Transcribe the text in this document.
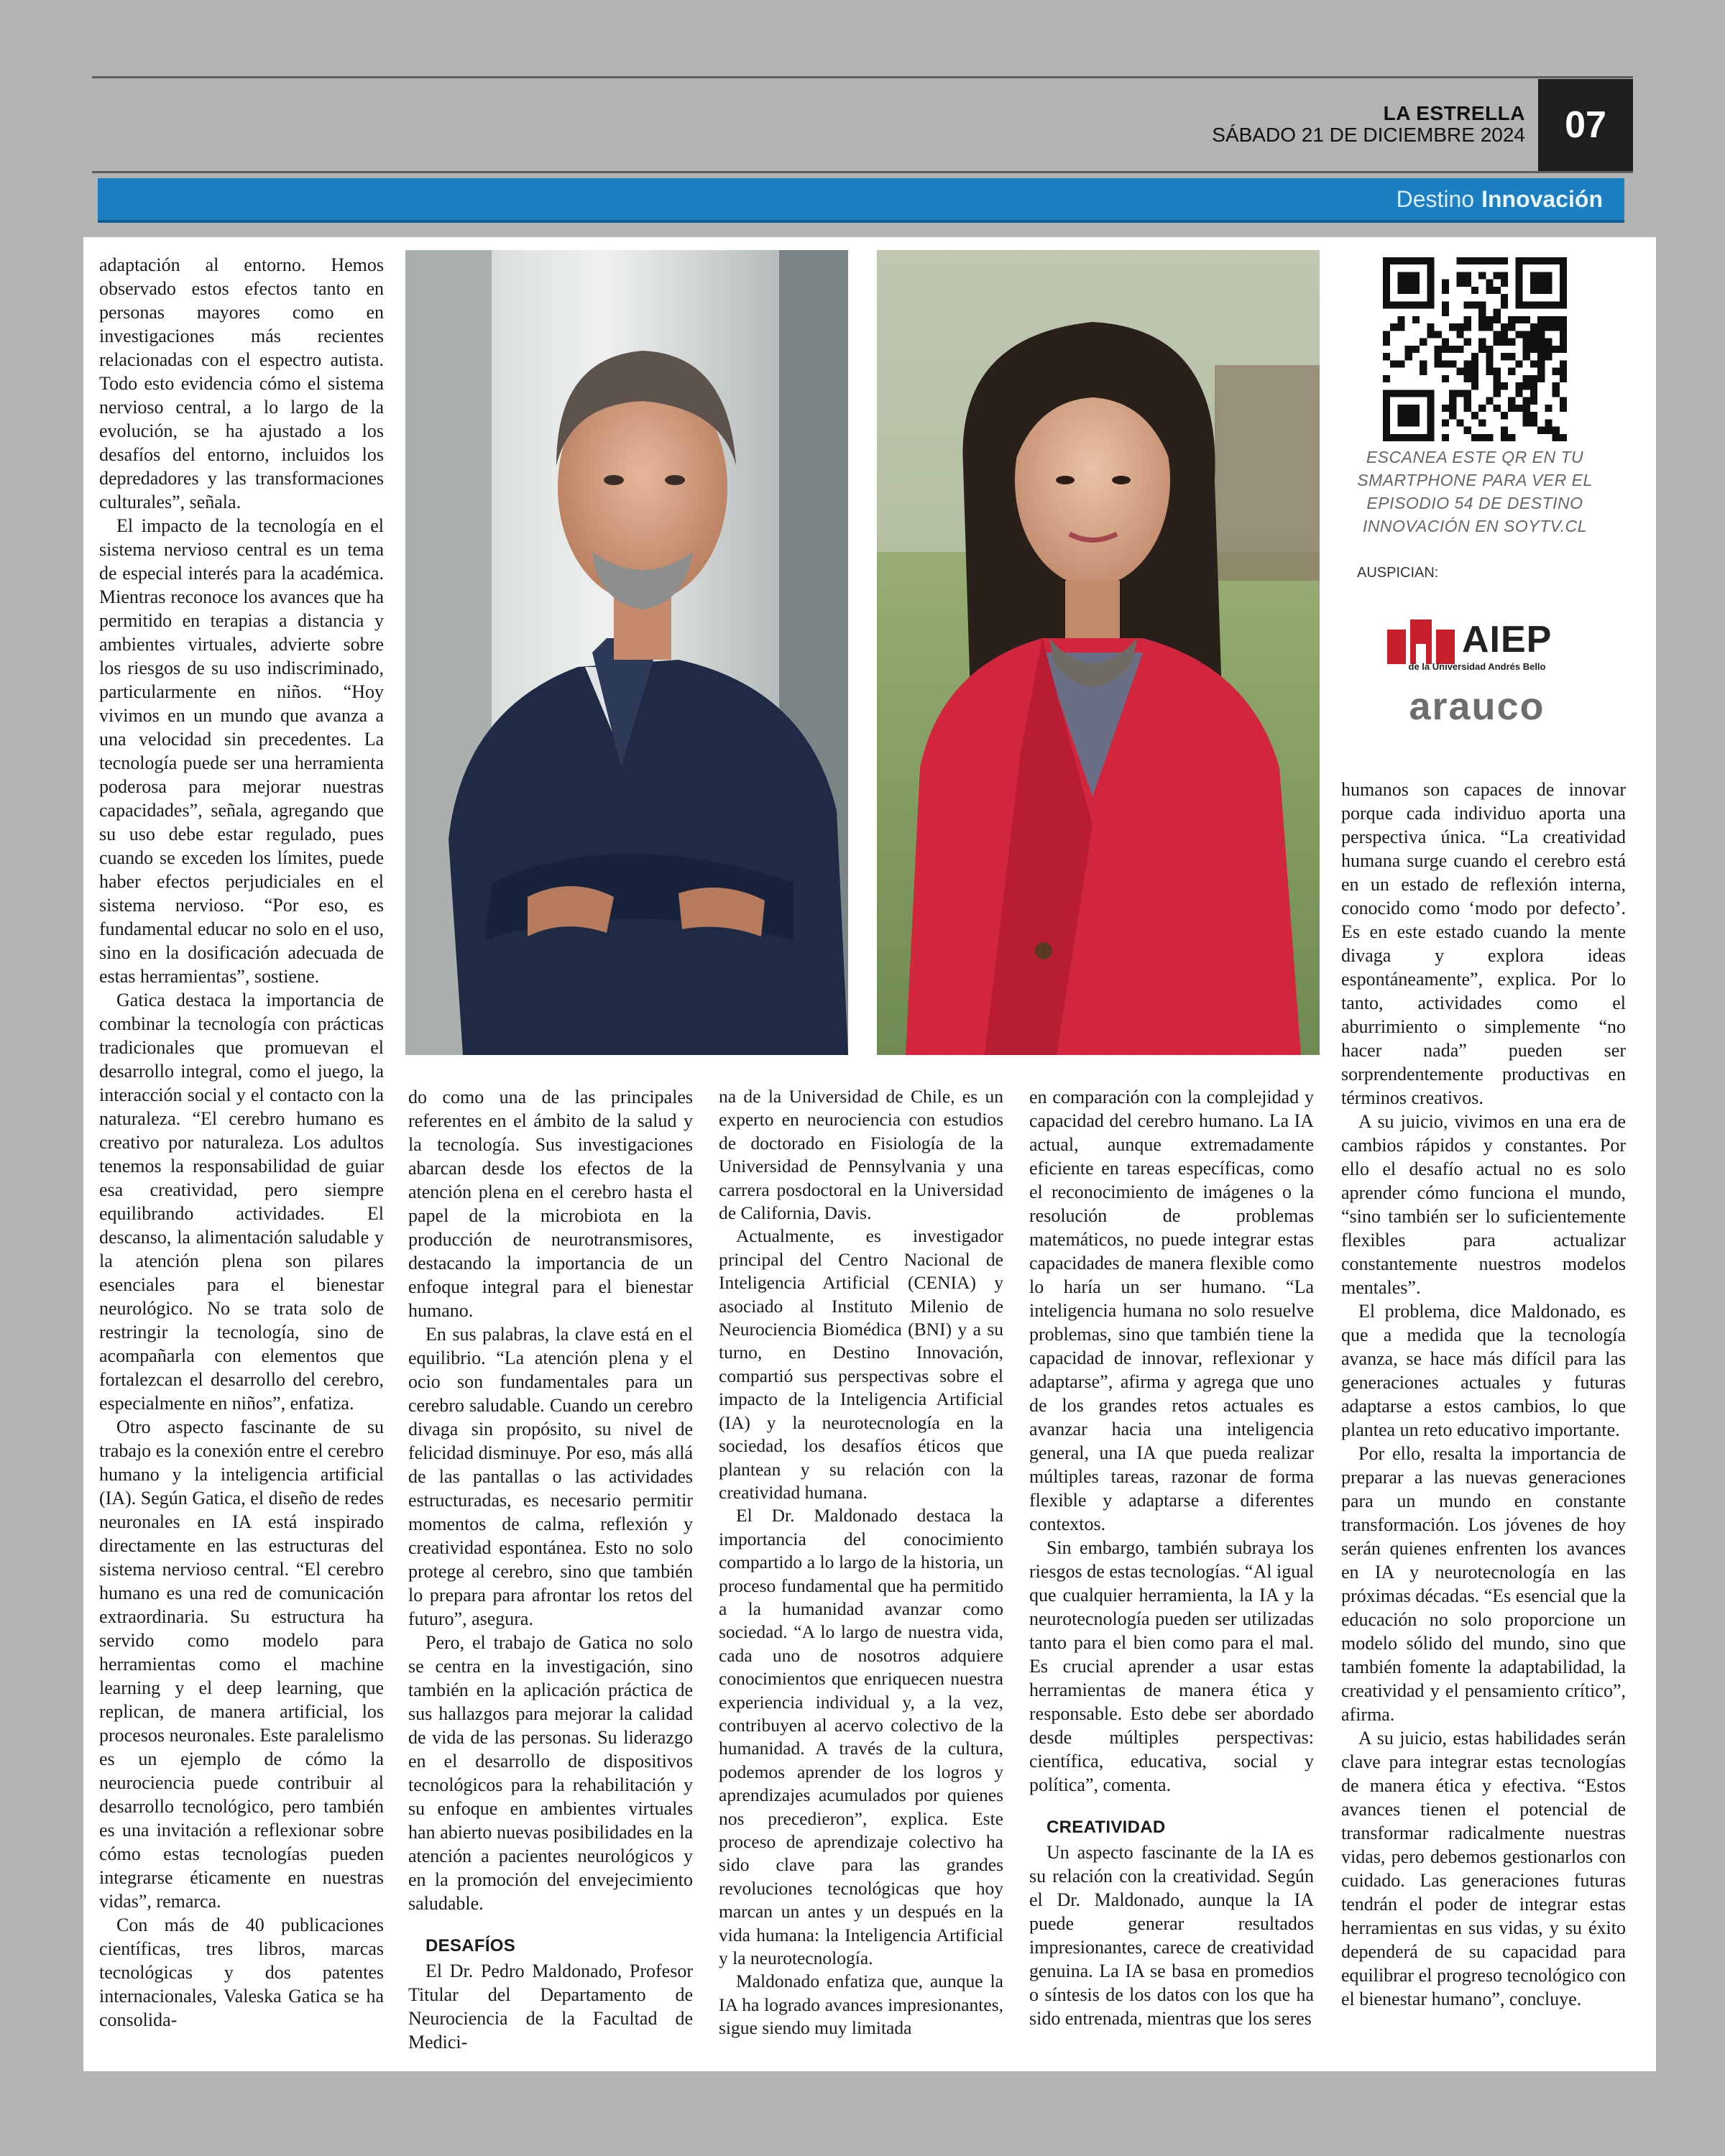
LA ESTRELLA
SÁBADO 21 DE DICIEMBRE 2024	07
Destino Innovación

adaptación al entorno. Hemos observado estos efectos tanto en personas mayores como en investigaciones más recientes relacionadas con el espectro autista. Todo esto evidencia cómo el sistema nervioso central, a lo largo de la evolución, se ha ajustado a los desafíos del entorno, incluidos los depredadores y las transformaciones culturales”, señala.

El impacto de la tecnología en el sistema nervioso central es un tema de especial interés para la académica. Mientras reconoce los avances que ha permitido en terapias a distancia y ambientes virtuales, advierte sobre los riesgos de su uso indiscriminado, particularmente en niños. “Hoy vivimos en un mundo que avanza a una velocidad sin precedentes. La tecnología puede ser una herramienta poderosa para mejorar nuestras capacidades”, señala, agregando que su uso debe estar regulado, pues cuando se exceden los límites, puede haber efectos perjudiciales en el sistema nervioso. “Por eso, es fundamental educar no solo en el uso, sino en la dosificación adecuada de estas herramientas”, sostiene.

Gatica destaca la importancia de combinar la tecnología con prácticas tradicionales que promuevan el desarrollo integral, como el juego, la interacción social y el contacto con la naturaleza. “El cerebro humano es creativo por naturaleza. Los adultos tenemos la responsabilidad de guiar esa creatividad, pero siempre equilibrando actividades. El descanso, la alimentación saludable y la atención plena son pilares esenciales para el bienestar neurológico. No se trata solo de restringir la tecnología, sino de acompañarla con elementos que fortalezcan el desarrollo del cerebro, especialmente en niños”, enfatiza.

Otro aspecto fascinante de su trabajo es la conexión entre el cerebro humano y la inteligencia artificial (IA). Según Gatica, el diseño de redes neuronales en IA está inspirado directamente en las estructuras del sistema nervioso central. “El cerebro humano es una red de comunicación extraordinaria. Su estructura ha servido como modelo para herramientas como el machine learning y el deep learning, que replican, de manera artificial, los procesos neuronales. Este paralelismo es un ejemplo de cómo la neurociencia puede contribuir al desarrollo tecnológico, pero también es una invitación a reflexionar sobre cómo estas tecnologías pueden integrarse éticamente en nuestras vidas”, remarca.

Con más de 40 publicaciones científicas, tres libros, marcas tecnológicas y dos patentes internacionales, Valeska Gatica se ha consolida-

do como una de las principales referentes en el ámbito de la salud y la tecnología. Sus investigaciones abarcan desde los efectos de la atención plena en el cerebro hasta el papel de la microbiota en la producción de neurotransmisores, destacando la importancia de un enfoque integral para el bienestar humano.

En sus palabras, la clave está en el equilibrio. “La atención plena y el ocio son fundamentales para un cerebro saludable. Cuando un cerebro divaga sin propósito, su nivel de felicidad disminuye. Por eso, más allá de las pantallas o las actividades estructuradas, es necesario permitir momentos de calma, reflexión y creatividad espontánea. Esto no solo protege al cerebro, sino que también lo prepara para afrontar los retos del futuro”, asegura.

Pero, el trabajo de Gatica no solo se centra en la investigación, sino también en la aplicación práctica de sus hallazgos para mejorar la calidad de vida de las personas. Su liderazgo en el desarrollo de dispositivos tecnológicos para la rehabilitación y su enfoque en ambientes virtuales han abierto nuevas posibilidades en la atención a pacientes neurológicos y en la promoción del envejecimiento saludable.

DESAFÍOS

El Dr. Pedro Maldonado, Profesor Titular del Departamento de Neurociencia de la Facultad de Medici-

na de la Universidad de Chile, es un experto en neurociencia con estudios de doctorado en Fisiología de la Universidad de Pennsylvania y una carrera posdoctoral en la Universidad de California, Davis.

Actualmente, es investigador principal del Centro Nacional de Inteligencia Artificial (CENIA) y asociado al Instituto Milenio de Neurociencia Biomédica (BNI) y a su turno, en Destino Innovación, compartió sus perspectivas sobre el impacto de la Inteligencia Artificial (IA) y la neurotecnología en la sociedad, los desafíos éticos que plantean y su relación con la creatividad humana.

El Dr. Maldonado destaca la importancia del conocimiento compartido a lo largo de la historia, un proceso fundamental que ha permitido a la humanidad avanzar como sociedad. “A lo largo de nuestra vida, cada uno de nosotros adquiere conocimientos que enriquecen nuestra experiencia individual y, a la vez, contribuyen al acervo colectivo de la humanidad. A través de la cultura, podemos aprender de los logros y aprendizajes acumulados por quienes nos precedieron”, explica. Este proceso de aprendizaje colectivo ha sido clave para las grandes revoluciones tecnológicas que hoy marcan un antes y un después en la vida humana: la Inteligencia Artificial y la neurotecnología.

Maldonado enfatiza que, aunque la IA ha logrado avances impresionantes, sigue siendo muy limitada

en comparación con la complejidad y capacidad del cerebro humano. La IA actual, aunque extremadamente eficiente en tareas específicas, como el reconocimiento de imágenes o la resolución de problemas matemáticos, no puede integrar estas capacidades de manera flexible como lo haría un ser humano. “La inteligencia humana no solo resuelve problemas, sino que también tiene la capacidad de innovar, reflexionar y adaptarse”, afirma y agrega que uno de los grandes retos actuales es avanzar hacia una inteligencia general, una IA que pueda realizar múltiples tareas, razonar de forma flexible y adaptarse a diferentes contextos.

Sin embargo, también subraya los riesgos de estas tecnologías. “Al igual que cualquier herramienta, la IA y la neurotecnología pueden ser utilizadas tanto para el bien como para el mal. Es crucial aprender a usar estas herramientas de manera ética y responsable. Esto debe ser abordado desde múltiples perspectivas: científica, educativa, social y política”, comenta.

CREATIVIDAD

Un aspecto fascinante de la IA es su relación con la creatividad. Según el Dr. Maldonado, aunque la IA puede generar resultados impresionantes, carece de creatividad genuina. La IA se basa en promedios o síntesis de los datos con los que ha sido entrenada, mientras que los seres

ESCANEA ESTE QR EN TU SMARTPHONE PARA VER EL EPISODIO 54 DE DESTINO INNOVACIÓN EN SOYTV.CL
AUSPICIAN:
AIEP
de la Universidad Andrés Bello
arauco

humanos son capaces de innovar porque cada individuo aporta una perspectiva única. “La creatividad humana surge cuando el cerebro está en un estado de reflexión interna, conocido como ‘modo por defecto’. Es en este estado cuando la mente divaga y explora ideas espontáneamente”, explica. Por lo tanto, actividades como el aburrimiento o simplemente “no hacer nada” pueden ser sorprendentemente productivas en términos creativos.

A su juicio, vivimos en una era de cambios rápidos y constantes. Por ello el desafío actual no es solo aprender cómo funciona el mundo, “sino también ser lo suficientemente flexibles para actualizar constantemente nuestros modelos mentales”.

El problema, dice Maldonado, es que a medida que la tecnología avanza, se hace más difícil para las generaciones actuales y futuras adaptarse a estos cambios, lo que plantea un reto educativo importante.

Por ello, resalta la importancia de preparar a las nuevas generaciones para un mundo en constante transformación. Los jóvenes de hoy serán quienes enfrenten los avances en IA y neurotecnología en las próximas décadas. “Es esencial que la educación no solo proporcione un modelo sólido del mundo, sino que también fomente la adaptabilidad, la creatividad y el pensamiento crítico”, afirma.

A su juicio, estas habilidades serán clave para integrar estas tecnologías de manera ética y efectiva. “Estos avances tienen el potencial de transformar radicalmente nuestras vidas, pero debemos gestionarlos con cuidado. Las generaciones futuras tendrán el poder de integrar estas herramientas en sus vidas, y su éxito dependerá de su capacidad para equilibrar el progreso tecnológico con el bienestar humano”, concluye.
